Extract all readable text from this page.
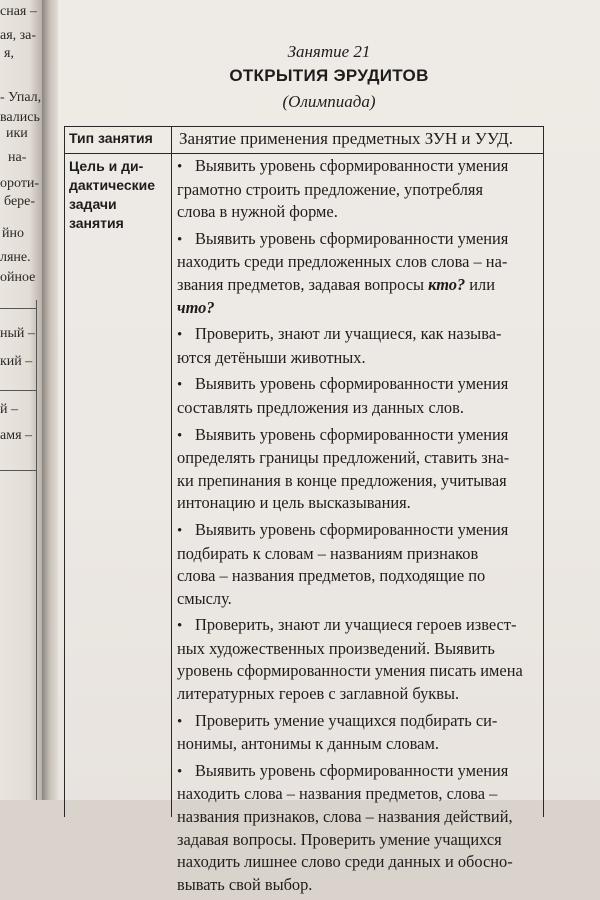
сная –
ая, за-
я,
- Упал,
вались
ики
на-
ороти-
бере-
йно
ляне.
ойное
ный –
кий –
й –
амя –
Занятие 21
ОТКРЫТИЯ ЭРУДИТОВ
(Олимпиада)
Тип занятия	Занятие применения предметных ЗУН и УУД.
Цель и ди-
дактические
задачи
занятия
• Выявить уровень сформированности умения
грамотно строить предложение, употребляя
слова в нужной форме.
• Выявить уровень сформированности умения
находить среди предложенных слов слова – на-
звания предметов, задавая вопросы кто? или
что?
• Проверить, знают ли учащиеся, как называ-
ются детёныши животных.
• Выявить уровень сформированности умения
составлять предложения из данных слов.
• Выявить уровень сформированности умения
определять границы предложений, ставить зна-
ки препинания в конце предложения, учитывая
интонацию и цель высказывания.
• Выявить уровень сформированности умения
подбирать к словам – названиям признаков
слова – названия предметов, подходящие по
смыслу.
• Проверить, знают ли учащиеся героев извест-
ных художественных произведений. Выявить
уровень сформированности умения писать имена
литературных героев с заглавной буквы.
• Проверить умение учащихся подбирать си-
нонимы, антонимы к данным словам.
• Выявить уровень сформированности умения
находить слова – названия предметов, слова –
названия признаков, слова – названия действий,
задавая вопросы. Проверить умение учащихся
находить лишнее слово среди данных и обосно-
вывать свой выбор.
